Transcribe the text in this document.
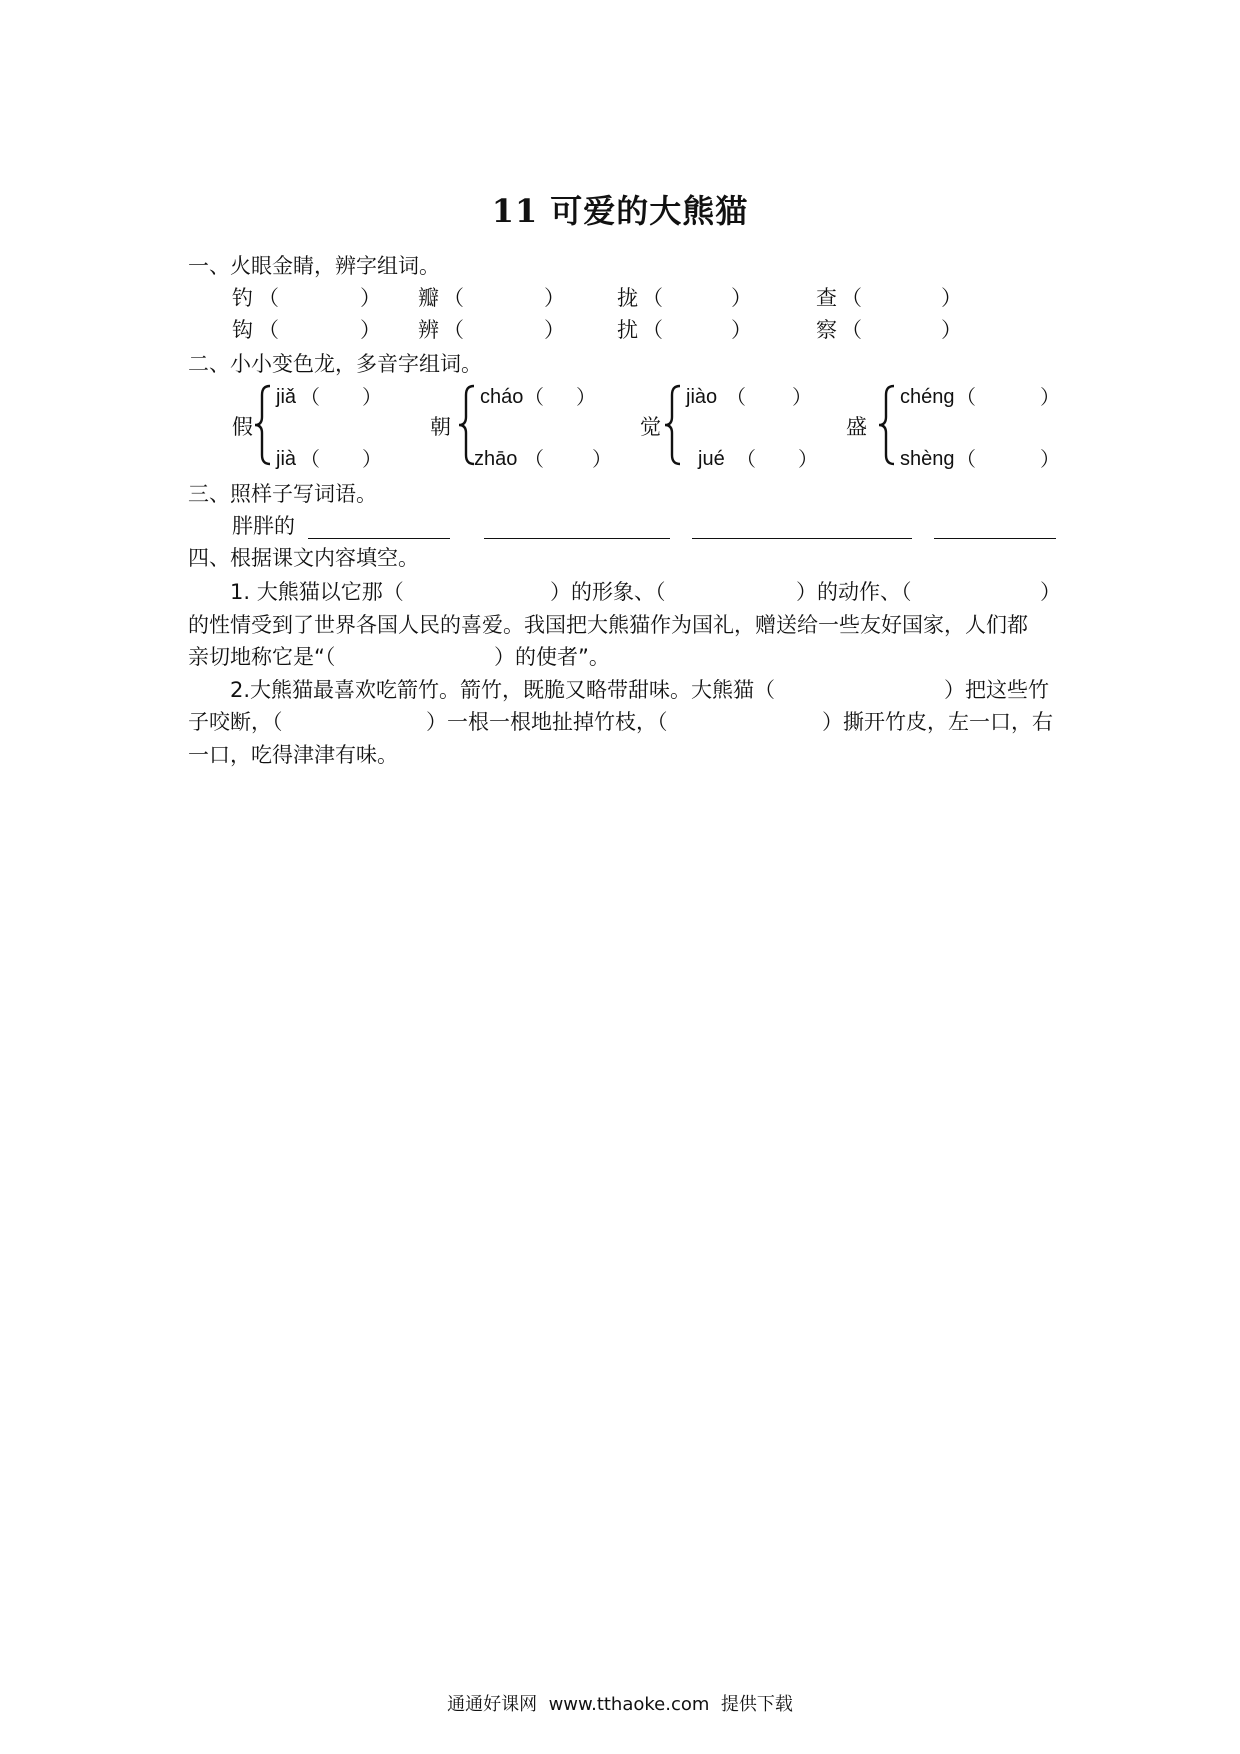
11 可爱的大熊猫
一、火眼金睛，辨字组词。
钓 （	） 瓣 （	） 拢 （	）	查 （	）
钩 （	） 辨 （	） 扰 （	）	察 （	）
二、小小变色龙，多音字组词。
假
jiǎ （ ）
jià （ ）
朝
cháo （ ）
zhāo （ ）
觉
jiào （ ）
jué （ ）
盛
chéng （	）
shèng （	）
三、照样子写词语。
胖胖的
四、根据课文内容填空。
1. 大熊猫以它那（	）的形象、（	）的动作、（	）
的性情受到了世界各国人民的喜爱。我国把大熊猫作为国礼，赠送给一些友好国家，人们都
亲切地称它是“（	）的使者”。
2.大熊猫最喜欢吃箭竹。箭竹，既脆又略带甜味。大熊猫（	）把这些竹
子咬断，（	）一根一根地扯掉竹枝，（	）撕开竹皮，左一口，右
一口，吃得津津有味。
通通好课网  www.tthaoke.com  提供下载
